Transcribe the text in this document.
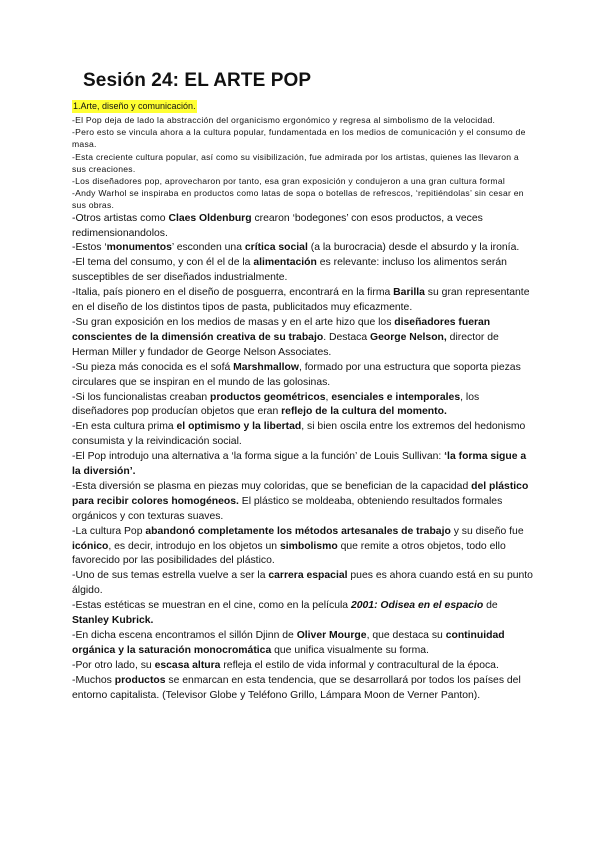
Sesión 24: EL ARTE POP
1.Arte, diseño y comunicación.

-El Pop deja de lado la abstracción del organicismo ergonómico y regresa al simbolismo de la velocidad.

-Pero esto se vincula ahora a la cultura popular, fundamentada en los medios de comunicación y el consumo de masa.

-Esta creciente cultura popular, así como su visibilización, fue admirada por los artistas, quienes las llevaron a sus creaciones.

-Los diseñadores pop, aprovecharon por tanto, esa gran exposición y condujeron a una gran cultura formal

-Andy Warhol se inspiraba en productos como latas de sopa o botellas de refrescos, ‘repitiéndolas’ sin cesar en sus obras.

-Otros artistas como Claes Oldenburg crearon ‘bodegones’ con esos productos, a veces redimensionandolos.

-Estos ‘monumentos’ esconden una crítica social (a la burocracia) desde el absurdo y la ironía.

-El tema del consumo, y con él el de la alimentación es relevante: incluso los alimentos serán susceptibles de ser diseñados industrialmente.

-Italia, país pionero en el diseño de posguerra, encontrará en la firma Barilla su gran representante en el diseño de los distintos tipos de pasta, publicitados muy eficazmente.

-Su gran exposición en los medios de masas y en el arte hizo que los diseñadores fueran conscientes de la dimensión creativa de su trabajo. Destaca George Nelson, director de Herman Miller y fundador de George Nelson Associates.

-Su pieza más conocida es el sofá Marshmallow, formado por una estructura que soporta piezas circulares que se inspiran en el mundo de las golosinas.

-Si los funcionalistas creaban productos geométricos, esenciales e intemporales, los diseñadores pop producían objetos que eran reflejo de la cultura del momento.

-En esta cultura prima el optimismo y la libertad, si bien oscila entre los extremos del hedonismo consumista y la reivindicación social.

-El Pop introdujo una alternativa a ‘la forma sigue a la función’ de Louis Sullivan: ‘la forma sigue a la diversión’.

-Esta diversión se plasma en piezas muy coloridas, que se benefician de la capacidad del plástico para recibir colores homogéneos. El plástico se moldeaba, obteniendo resultados formales orgánicos y con texturas suaves.

-La cultura Pop abandonó completamente los métodos artesanales de trabajo y su diseño fue icónico, es decir, introdujo en los objetos un simbolismo que remite a otros objetos, todo ello favorecido por las posibilidades del plástico.

-Uno de sus temas estrella vuelve a ser la carrera espacial pues es ahora cuando está en su punto álgido.

-Estas estéticas se muestran en el cine, como en la película 2001: Odisea en el espacio de Stanley Kubrick.

-En dicha escena encontramos el sillón Djinn de Oliver Mourge, que destaca su continuidad orgánica y la saturación monocromática que unifica visualmente su forma.

-Por otro lado, su escasa altura refleja el estilo de vida informal y contracultural de la época.

-Muchos productos se enmarcan en esta tendencia, que se desarrollará por todos los países del entorno capitalista. (Televisor Globe y Teléfono Grillo, Lámpara Moon de Verner Panton).
